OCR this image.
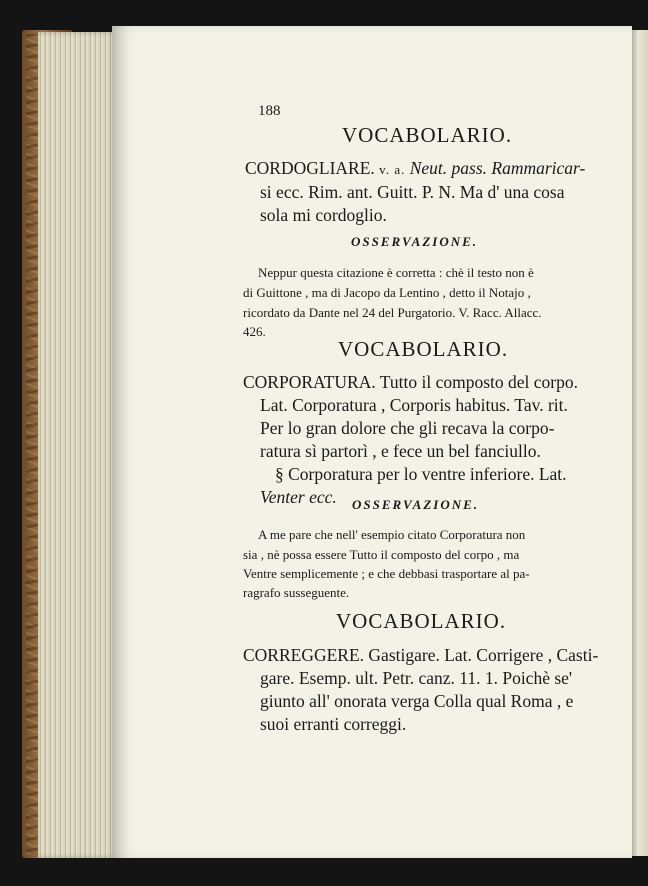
188
VOCABOLARIO.
CORDOGLIARE. v. a. Neut. pass. Rammaricar-
si ecc. Rim. ant. Guitt. P. N. Ma d' una cosa
sola mi cordoglio.
OSSERVAZIONE.
Neppur questa citazione è corretta : chè il testo non è
di Guittone , ma di Jacopo da Lentino , detto il Notajo ,
ricordato da Dante nel 24 del Purgatorio. V. Racc. Allacc.
426.
VOCABOLARIO.
CORPORATURA. Tutto il composto del corpo.
Lat. Corporatura , Corporis habitus. Tav. rit.
Per lo gran dolore che gli recava la corpo-
ratura sì partorì , e fece un bel fanciullo.
§ Corporatura per lo ventre inferiore. Lat.
Venter ecc. OSSERVAZIONE.
A me pare che nell' esempio citato Corporatura non
sia , nè possa essere Tutto il composto del corpo , ma
Ventre semplicemente ; e che debbasi trasportare al pa-
ragrafo susseguente.
VOCABOLARIO.
CORREGGERE. Gastigare. Lat. Corrigere , Casti-
gare. Esemp. ult. Petr. canz. 11. 1. Poichè se'
giunto all' onorata verga Colla qual Roma , e
suoi erranti correggi.
